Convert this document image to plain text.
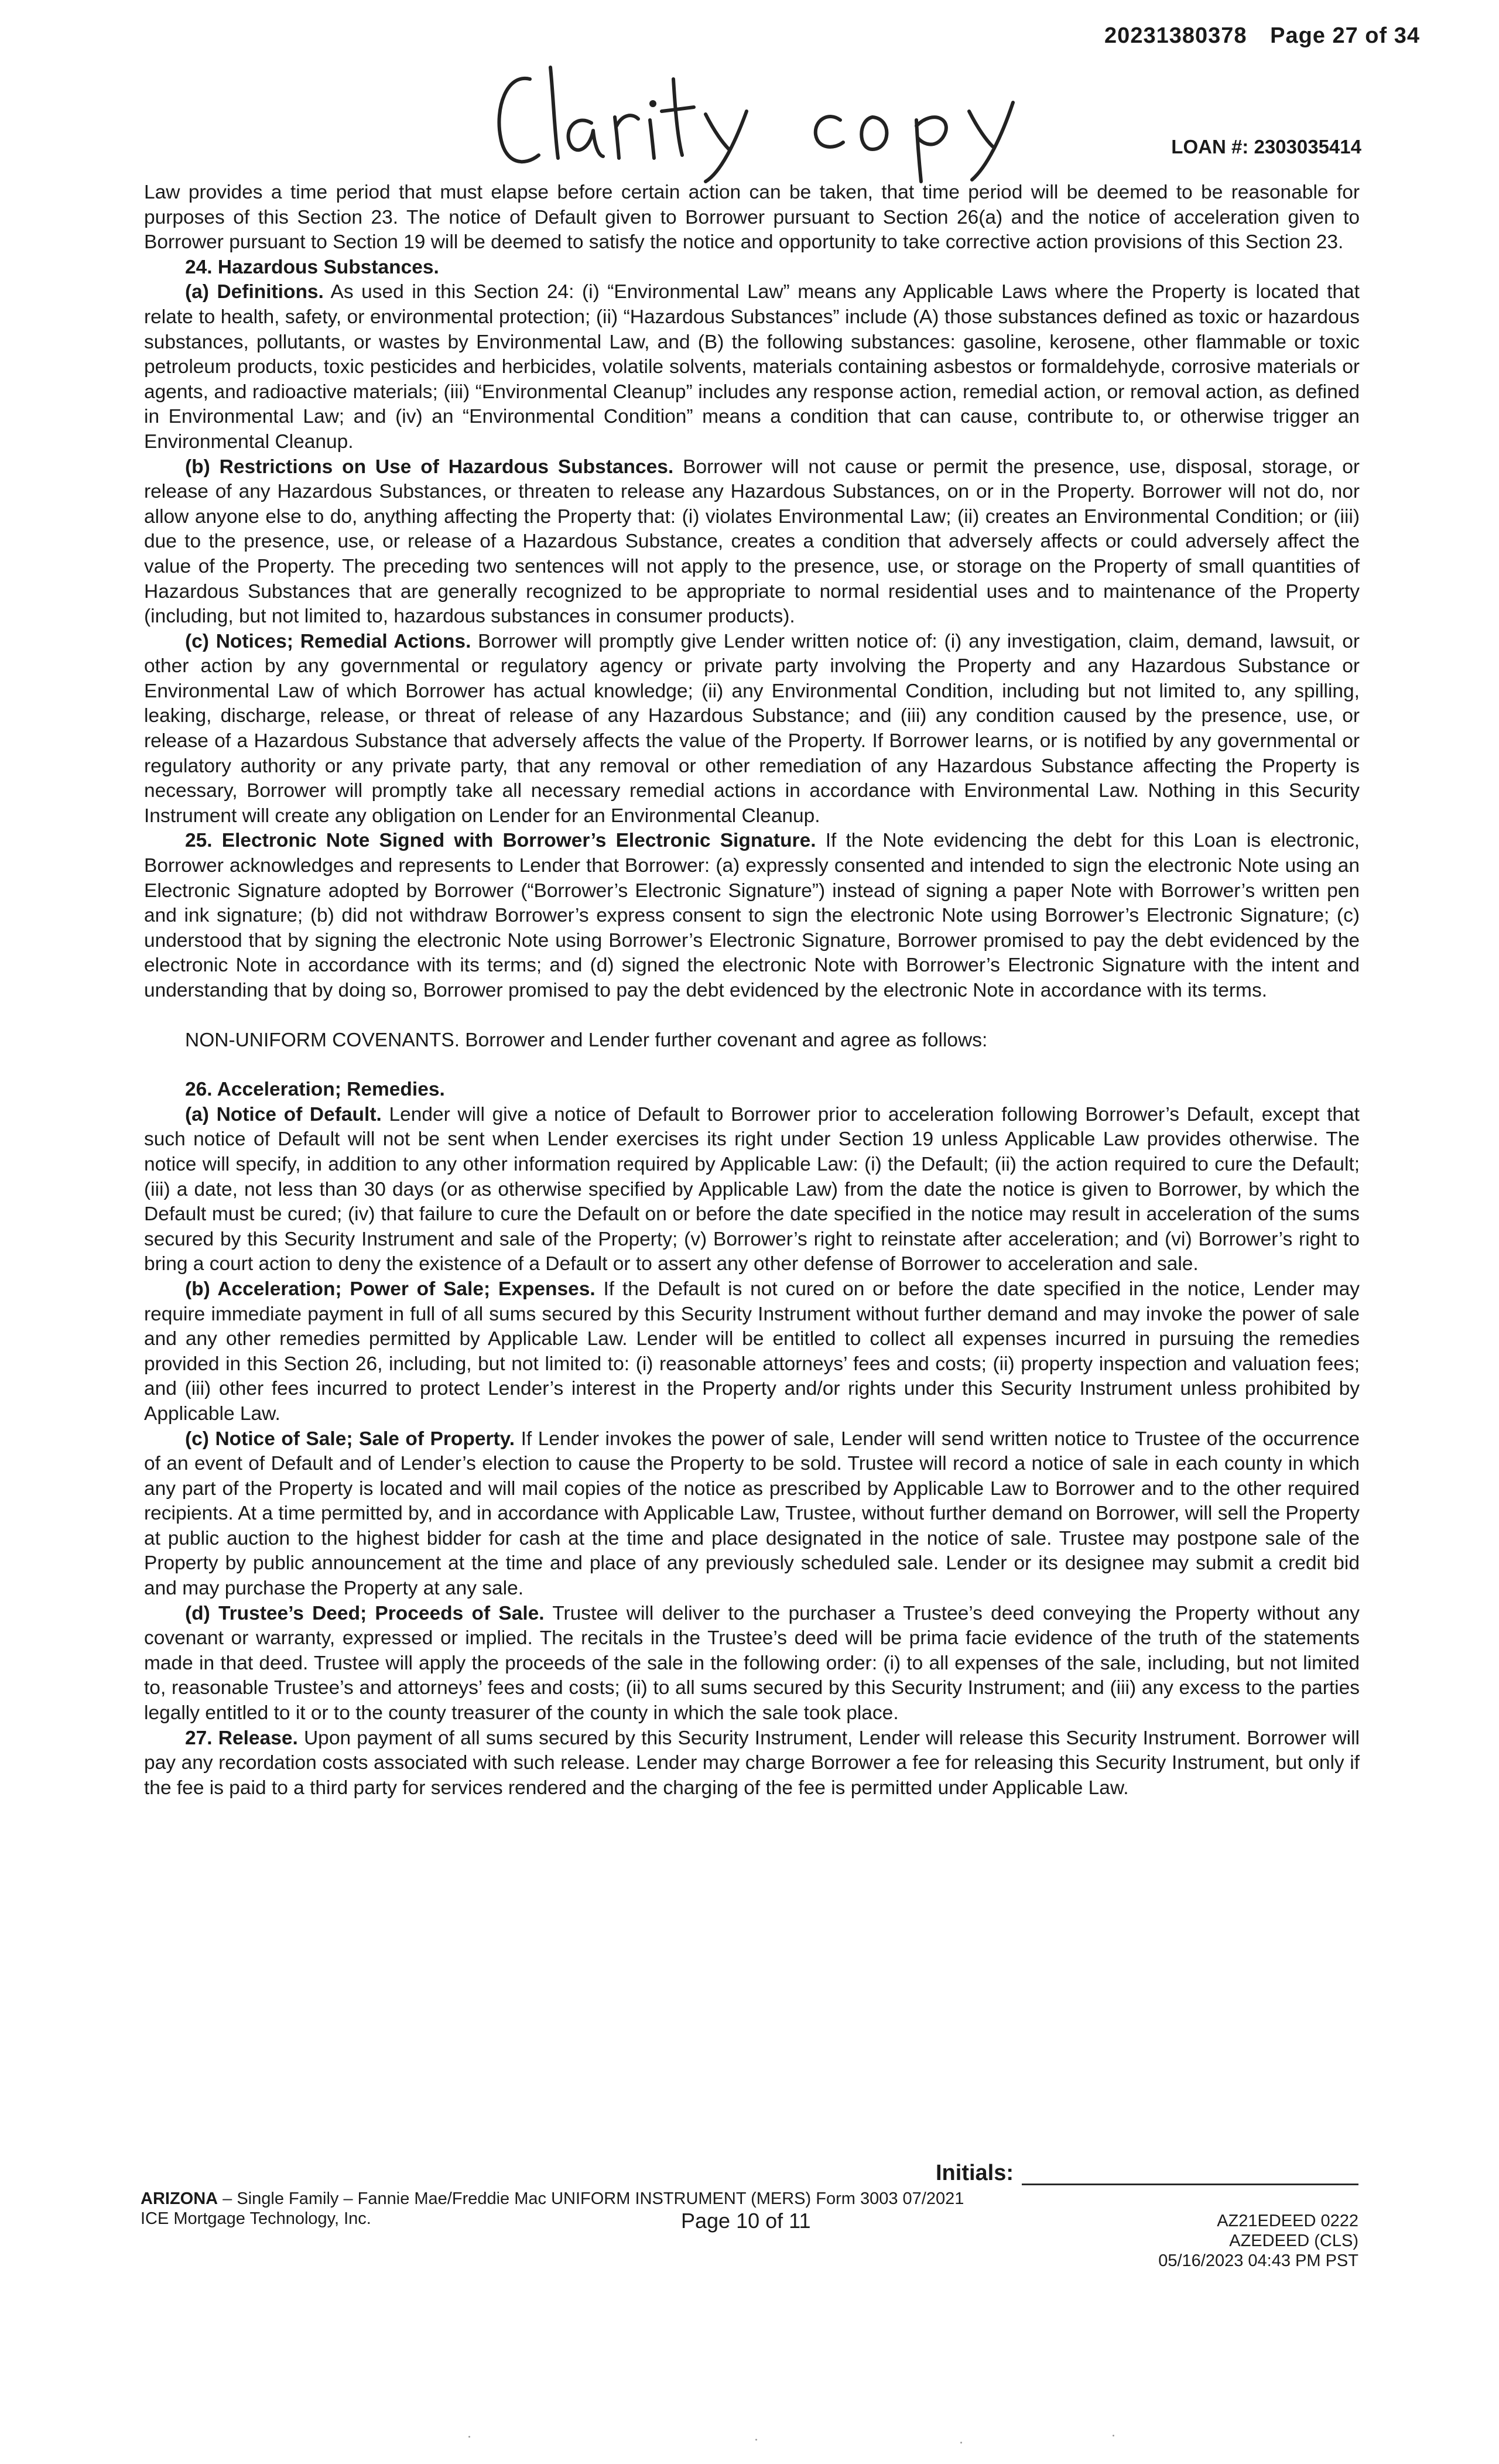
20231380378 Page 27 of 34
LOAN #: 2303035414

Law provides a time period that must elapse before certain action can be taken, that time period will be deemed to be reasonable for purposes of this Section 23. The notice of Default given to Borrower pursuant to Section 26(a) and the notice of acceleration given to Borrower pursuant to Section 19 will be deemed to satisfy the notice and opportunity to take corrective action provisions of this Section 23.

24. Hazardous Substances.

(a) Definitions. As used in this Section 24: (i) “Environmental Law” means any Applicable Laws where the Property is located that relate to health, safety, or environmental protection; (ii) “Hazardous Substances” include (A) those substances defined as toxic or hazardous substances, pollutants, or wastes by Environmental Law, and (B) the following substances: gasoline, kerosene, other flammable or toxic petroleum products, toxic pesticides and herbicides, volatile solvents, materials containing asbestos or formaldehyde, corrosive materials or agents, and radioactive materials; (iii) “Environmental Cleanup” includes any response action, remedial action, or removal action, as defined in Environmental Law; and (iv) an “Environmental Condition” means a condition that can cause, contribute to, or otherwise trigger an Environmental Cleanup.

(b) Restrictions on Use of Hazardous Substances. Borrower will not cause or permit the presence, use, disposal, storage, or release of any Hazardous Substances, or threaten to release any Hazardous Substances, on or in the Property. Borrower will not do, nor allow anyone else to do, anything affecting the Property that: (i) violates Environmental Law; (ii) creates an Environmental Condition; or (iii) due to the presence, use, or release of a Hazardous Substance, creates a condition that adversely affects or could adversely affect the value of the Property. The preceding two sentences will not apply to the presence, use, or storage on the Property of small quantities of Hazardous Substances that are generally recognized to be appropriate to normal residential uses and to maintenance of the Property (including, but not limited to, hazardous substances in consumer products).

(c) Notices; Remedial Actions. Borrower will promptly give Lender written notice of: (i) any investigation, claim, demand, lawsuit, or other action by any governmental or regulatory agency or private party involving the Property and any Hazardous Substance or Environmental Law of which Borrower has actual knowledge; (ii) any Environmental Condition, including but not limited to, any spilling, leaking, discharge, release, or threat of release of any Hazardous Substance; and (iii) any condition caused by the presence, use, or release of a Hazardous Substance that adversely affects the value of the Property. If Borrower learns, or is notified by any governmental or regulatory authority or any private party, that any removal or other remediation of any Hazardous Substance affecting the Property is necessary, Borrower will promptly take all necessary remedial actions in accordance with Environmental Law. Nothing in this Security Instrument will create any obligation on Lender for an Environmental Cleanup.

25. Electronic Note Signed with Borrower’s Electronic Signature. If the Note evidencing the debt for this Loan is electronic, Borrower acknowledges and represents to Lender that Borrower: (a) expressly consented and intended to sign the electronic Note using an Electronic Signature adopted by Borrower (“Borrower’s Electronic Signature”) instead of signing a paper Note with Borrower’s written pen and ink signature; (b) did not withdraw Borrower’s express consent to sign the electronic Note using Borrower’s Electronic Signature; (c) understood that by signing the electronic Note using Borrower’s Electronic Signature, Borrower promised to pay the debt evidenced by the electronic Note in accordance with its terms; and (d) signed the electronic Note with Borrower’s Electronic Signature with the intent and understanding that by doing so, Borrower promised to pay the debt evidenced by the electronic Note in accordance with its terms.

NON-UNIFORM COVENANTS. Borrower and Lender further covenant and agree as follows:

26. Acceleration; Remedies.

(a) Notice of Default. Lender will give a notice of Default to Borrower prior to acceleration following Borrower’s Default, except that such notice of Default will not be sent when Lender exercises its right under Section 19 unless Applicable Law provides otherwise. The notice will specify, in addition to any other information required by Applicable Law: (i) the Default; (ii) the action required to cure the Default; (iii) a date, not less than 30 days (or as otherwise specified by Applicable Law) from the date the notice is given to Borrower, by which the Default must be cured; (iv) that failure to cure the Default on or before the date specified in the notice may result in acceleration of the sums secured by this Security Instrument and sale of the Property; (v) Borrower’s right to reinstate after acceleration; and (vi) Borrower’s right to bring a court action to deny the existence of a Default or to assert any other defense of Borrower to acceleration and sale.

(b) Acceleration; Power of Sale; Expenses. If the Default is not cured on or before the date specified in the notice, Lender may require immediate payment in full of all sums secured by this Security Instrument without further demand and may invoke the power of sale and any other remedies permitted by Applicable Law. Lender will be entitled to collect all expenses incurred in pursuing the remedies provided in this Section 26, including, but not limited to: (i) reasonable attorneys’ fees and costs; (ii) property inspection and valuation fees; and (iii) other fees incurred to protect Lender’s interest in the Property and/or rights under this Security Instrument unless prohibited by Applicable Law.

(c) Notice of Sale; Sale of Property. If Lender invokes the power of sale, Lender will send written notice to Trustee of the occurrence of an event of Default and of Lender’s election to cause the Property to be sold. Trustee will record a notice of sale in each county in which any part of the Property is located and will mail copies of the notice as prescribed by Applicable Law to Borrower and to the other required recipients. At a time permitted by, and in accordance with Applicable Law, Trustee, without further demand on Borrower, will sell the Property at public auction to the highest bidder for cash at the time and place designated in the notice of sale. Trustee may postpone sale of the Property by public announcement at the time and place of any previously scheduled sale. Lender or its designee may submit a credit bid and may purchase the Property at any sale.

(d) Trustee’s Deed; Proceeds of Sale. Trustee will deliver to the purchaser a Trustee’s deed conveying the Property without any covenant or warranty, expressed or implied. The recitals in the Trustee’s deed will be prima facie evidence of the truth of the statements made in that deed. Trustee will apply the proceeds of the sale in the following order: (i) to all expenses of the sale, including, but not limited to, reasonable Trustee’s and attorneys’ fees and costs; (ii) to all sums secured by this Security Instrument; and (iii) any excess to the parties legally entitled to it or to the county treasurer of the county in which the sale took place.

27. Release. Upon payment of all sums secured by this Security Instrument, Lender will release this Security Instrument. Borrower will pay any recordation costs associated with such release. Lender may charge Borrower a fee for releasing this Security Instrument, but only if the fee is paid to a third party for services rendered and the charging of the fee is permitted under Applicable Law.

Initials:
ARIZONA – Single Family – Fannie Mae/Freddie Mac UNIFORM INSTRUMENT (MERS) Form 3003 07/2021
ICE Mortgage Technology, Inc.	Page 10 of 11	AZ21EDEED 0222
AZEDEED (CLS)
05/16/2023 04:43 PM PST
